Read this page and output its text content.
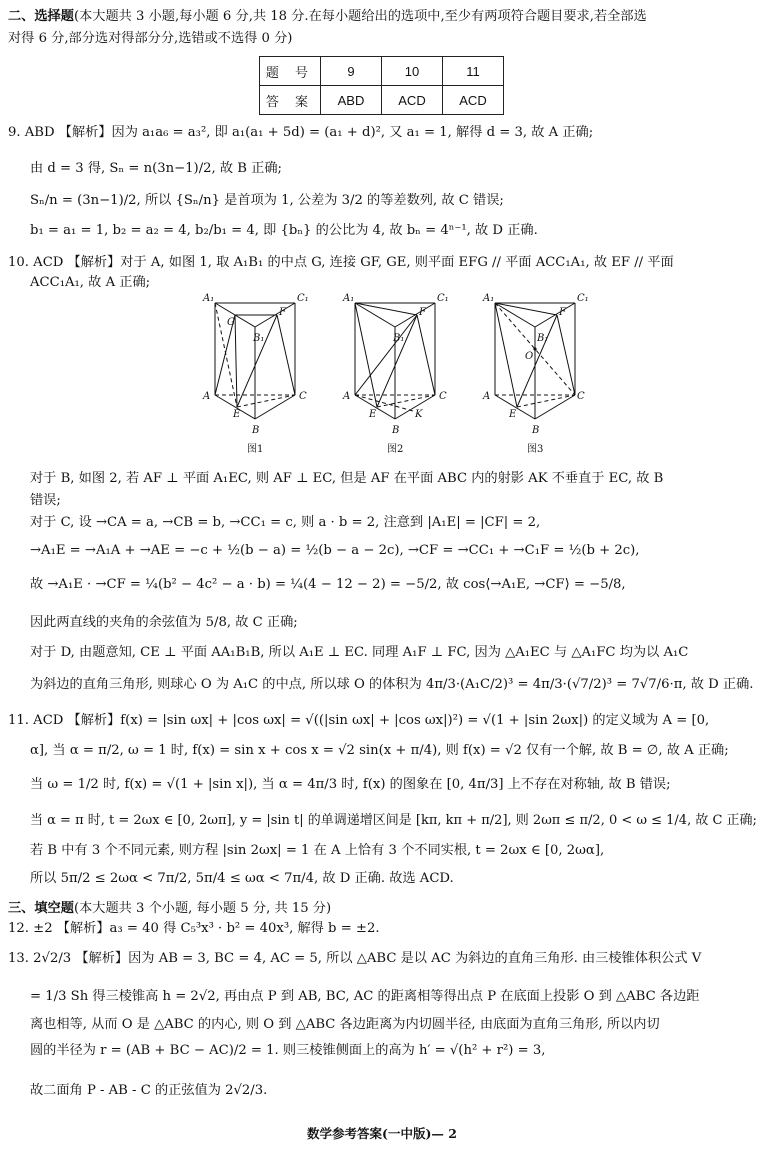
二、选择题(本大题共 3 小题,每小题 6 分,共 18 分.在每小题给出的选项中,至少有两项符合题目要求,若全部选
对得 6 分,部分选对得部分分,选错或不选得 0 分)
题 号	9	10	11
答 案	ABD	ACD	ACD
9. ABD 【解析】因为 a₁a₆ = a₃², 即 a₁(a₁ + 5d) = (a₁ + d)², 又 a₁ = 1, 解得 d = 3, 故 A 正确;
由 d = 3 得, Sₙ = n(3n−1)/2, 故 B 正确;
Sₙ/n = (3n−1)/2, 所以 {Sₙ/n} 是首项为 1, 公差为 3/2 的等差数列, 故 C 错误;
b₁ = a₁ = 1, b₂ = a₂ = 4, b₂/b₁ = 4, 即 {bₙ} 的公比为 4, 故 bₙ = 4ⁿ⁻¹, 故 D 正确.
10. ACD 【解析】对于 A, 如图 1, 取 A₁B₁ 的中点 G, 连接 GF, GE, 则平面 EFG // 平面 ACC₁A₁, 故 EF // 平面
ACC₁A₁, 故 A 正确;
A₁	C₁
G
F
B₁
A	C
E
B
图1
A₁	C₁
F
B₁
A	C
E	K
B
图2
A₁	C₁
F
B₁
O
A	C
E
B
图3
对于 B, 如图 2, 若 AF ⊥ 平面 A₁EC, 则 AF ⊥ EC, 但是 AF 在平面 ABC 内的射影 AK 不垂直于 EC, 故 B
错误;
对于 C, 设 →CA = a, →CB = b, →CC₁ = c, 则 a · b = 2, 注意到 |A₁E| = |CF| = 2,
→A₁E = →A₁A + →AE = −c + ½(b − a) = ½(b − a − 2c), →CF = →CC₁ + →C₁F = ½(b + 2c),
故 →A₁E · →CF = ¼(b² − 4c² − a · b) = ¼(4 − 12 − 2) = −5/2, 故 cos⟨→A₁E, →CF⟩ = −5/8,
因此两直线的夹角的余弦值为 5/8, 故 C 正确;
对于 D, 由题意知, CE ⊥ 平面 AA₁B₁B, 所以 A₁E ⊥ EC. 同理 A₁F ⊥ FC, 因为 △A₁EC 与 △A₁FC 均为以 A₁C
为斜边的直角三角形, 则球心 O 为 A₁C 的中点, 所以球 O 的体积为 4π/3·(A₁C/2)³ = 4π/3·(√7/2)³ = 7√7/6·π, 故 D 正确.
11. ACD 【解析】f(x) = |sin ωx| + |cos ωx| = √((|sin ωx| + |cos ωx|)²) = √(1 + |sin 2ωx|) 的定义域为 A = [0,
α], 当 α = π/2, ω = 1 时, f(x) = sin x + cos x = √2 sin(x + π/4), 则 f(x) = √2 仅有一个解, 故 B = ∅, 故 A 正确;
当 ω = 1/2 时, f(x) = √(1 + |sin x|), 当 α = 4π/3 时, f(x) 的图象在 [0, 4π/3] 上不存在对称轴, 故 B 错误;
当 α = π 时, t = 2ωx ∈ [0, 2ωπ], y = |sin t| 的单调递增区间是 [kπ, kπ + π/2], 则 2ωπ ≤ π/2, 0 < ω ≤ 1/4, 故 C 正确;
若 B 中有 3 个不同元素, 则方程 |sin 2ωx| = 1 在 A 上恰有 3 个不同实根, t = 2ωx ∈ [0, 2ωα],
所以 5π/2 ≤ 2ωα < 7π/2, 5π/4 ≤ ωα < 7π/4, 故 D 正确. 故选 ACD.
三、填空题(本大题共 3 个小题, 每小题 5 分, 共 15 分)
12. ±2 【解析】a₃ = 40 得 C₅³x³ · b² = 40x³, 解得 b = ±2.
13. 2√2/3 【解析】因为 AB = 3, BC = 4, AC = 5, 所以 △ABC 是以 AC 为斜边的直角三角形. 由三棱锥体积公式 V
= 1/3 Sh 得三棱锥高 h = 2√2, 再由点 P 到 AB, BC, AC 的距离相等得出点 P 在底面上投影 O 到 △ABC 各边距
离也相等, 从而 O 是 △ABC 的内心, 则 O 到 △ABC 各边距离为内切圆半径, 由底面为直角三角形, 所以内切
圆的半径为 r = (AB + BC − AC)/2 = 1. 则三棱锥侧面上的高为 h′ = √(h² + r²) = 3,
故二面角 P - AB - C 的正弦值为 2√2/3.
数学参考答案(一中版)— 2
